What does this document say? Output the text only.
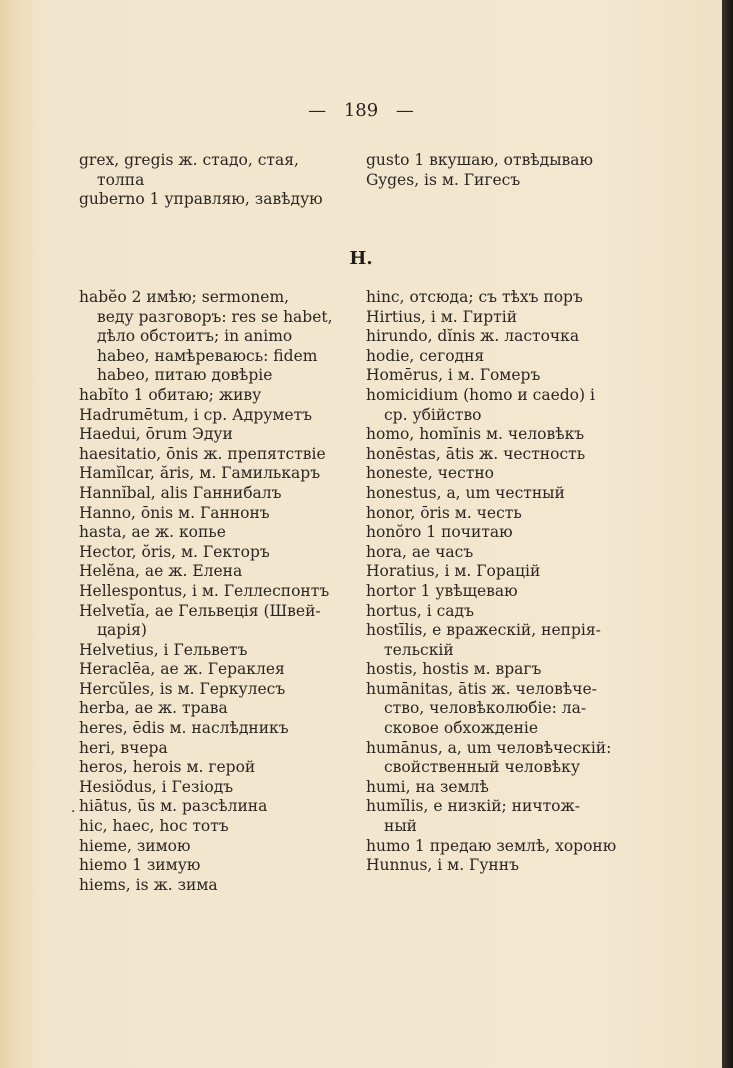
— 189 —
grex, gregis ж. стадо, стая,
толпа
guberno 1 управляю, завѣдую
gusto 1 вкушаю, отвѣдываю
Gyges, is м. Гигесъ
H.
habĕo 2 имѣю; sermonem,
веду разговоръ: res se habet,
дѣло обстоитъ; in animo
habeo, намѣреваюсь: fidem
habeo, питаю довѣріе
habĭto 1 обитаю; живу
Hadrumētum, i ср. Адруметъ
Haedui, ōrum Эдуи
haesitatio, ōnis ж. препятствіе
Hamĭlcar, ăris, м. Гамилькаръ
Hannĭbal, alis Ганнибалъ
Hanno, ōnis м. Ганнонъ
hasta, ae ж. копье
Hector, ŏris, м. Гекторъ
Helĕna, ae ж. Елена
Hellespontus, i м. Геллеспонтъ
Helvetĭa, ae Гельвеція (Швей-
царія)
Helvetius, i Гельветъ
Heraclēa, ae ж. Гераклея
Hercŭles, is м. Геркулесъ
herba, ae ж. трава
heres, ēdis м. наслѣдникъ
heri, вчера
heros, herois м. герой
Hesiŏdus, i Гезіодъ
hiātus, ūs м. разсѣлина
hic, haec, hoc тотъ
hieme, зимою
hiemo 1 зимую
hiems, is ж. зима
hinc, отсюда; съ тѣхъ поръ
Hirtius, i м. Гиртій
hirundo, dĭnis ж. ласточка
hodie, сегодня
Homērus, i м. Гомеръ
homicidium (homo и caedo) i
ср. убійство
homo, homĭnis м. человѣкъ
honēstas, ātis ж. честность
honeste, честно
honestus, a, um честный
honor, ōris м. честь
honŏro 1 почитаю
hora, ae часъ
Horatius, i м. Горацій
hortor 1 увѣщеваю
hortus, i садъ
hostīlis, e вражескій, непрія-
тельскій
hostis, hostis м. врагъ
humānitas, ātis ж. человѣче-
ство, человѣколюбіе: ла-
сковое обхожденіе
humānus, a, um человѣческій:
свойственный человѣку
humi, на землѣ
humĭlis, e низкій; ничтож-
ный
humo 1 предаю землѣ, хороню
Hunnus, i м. Гуннъ
·
